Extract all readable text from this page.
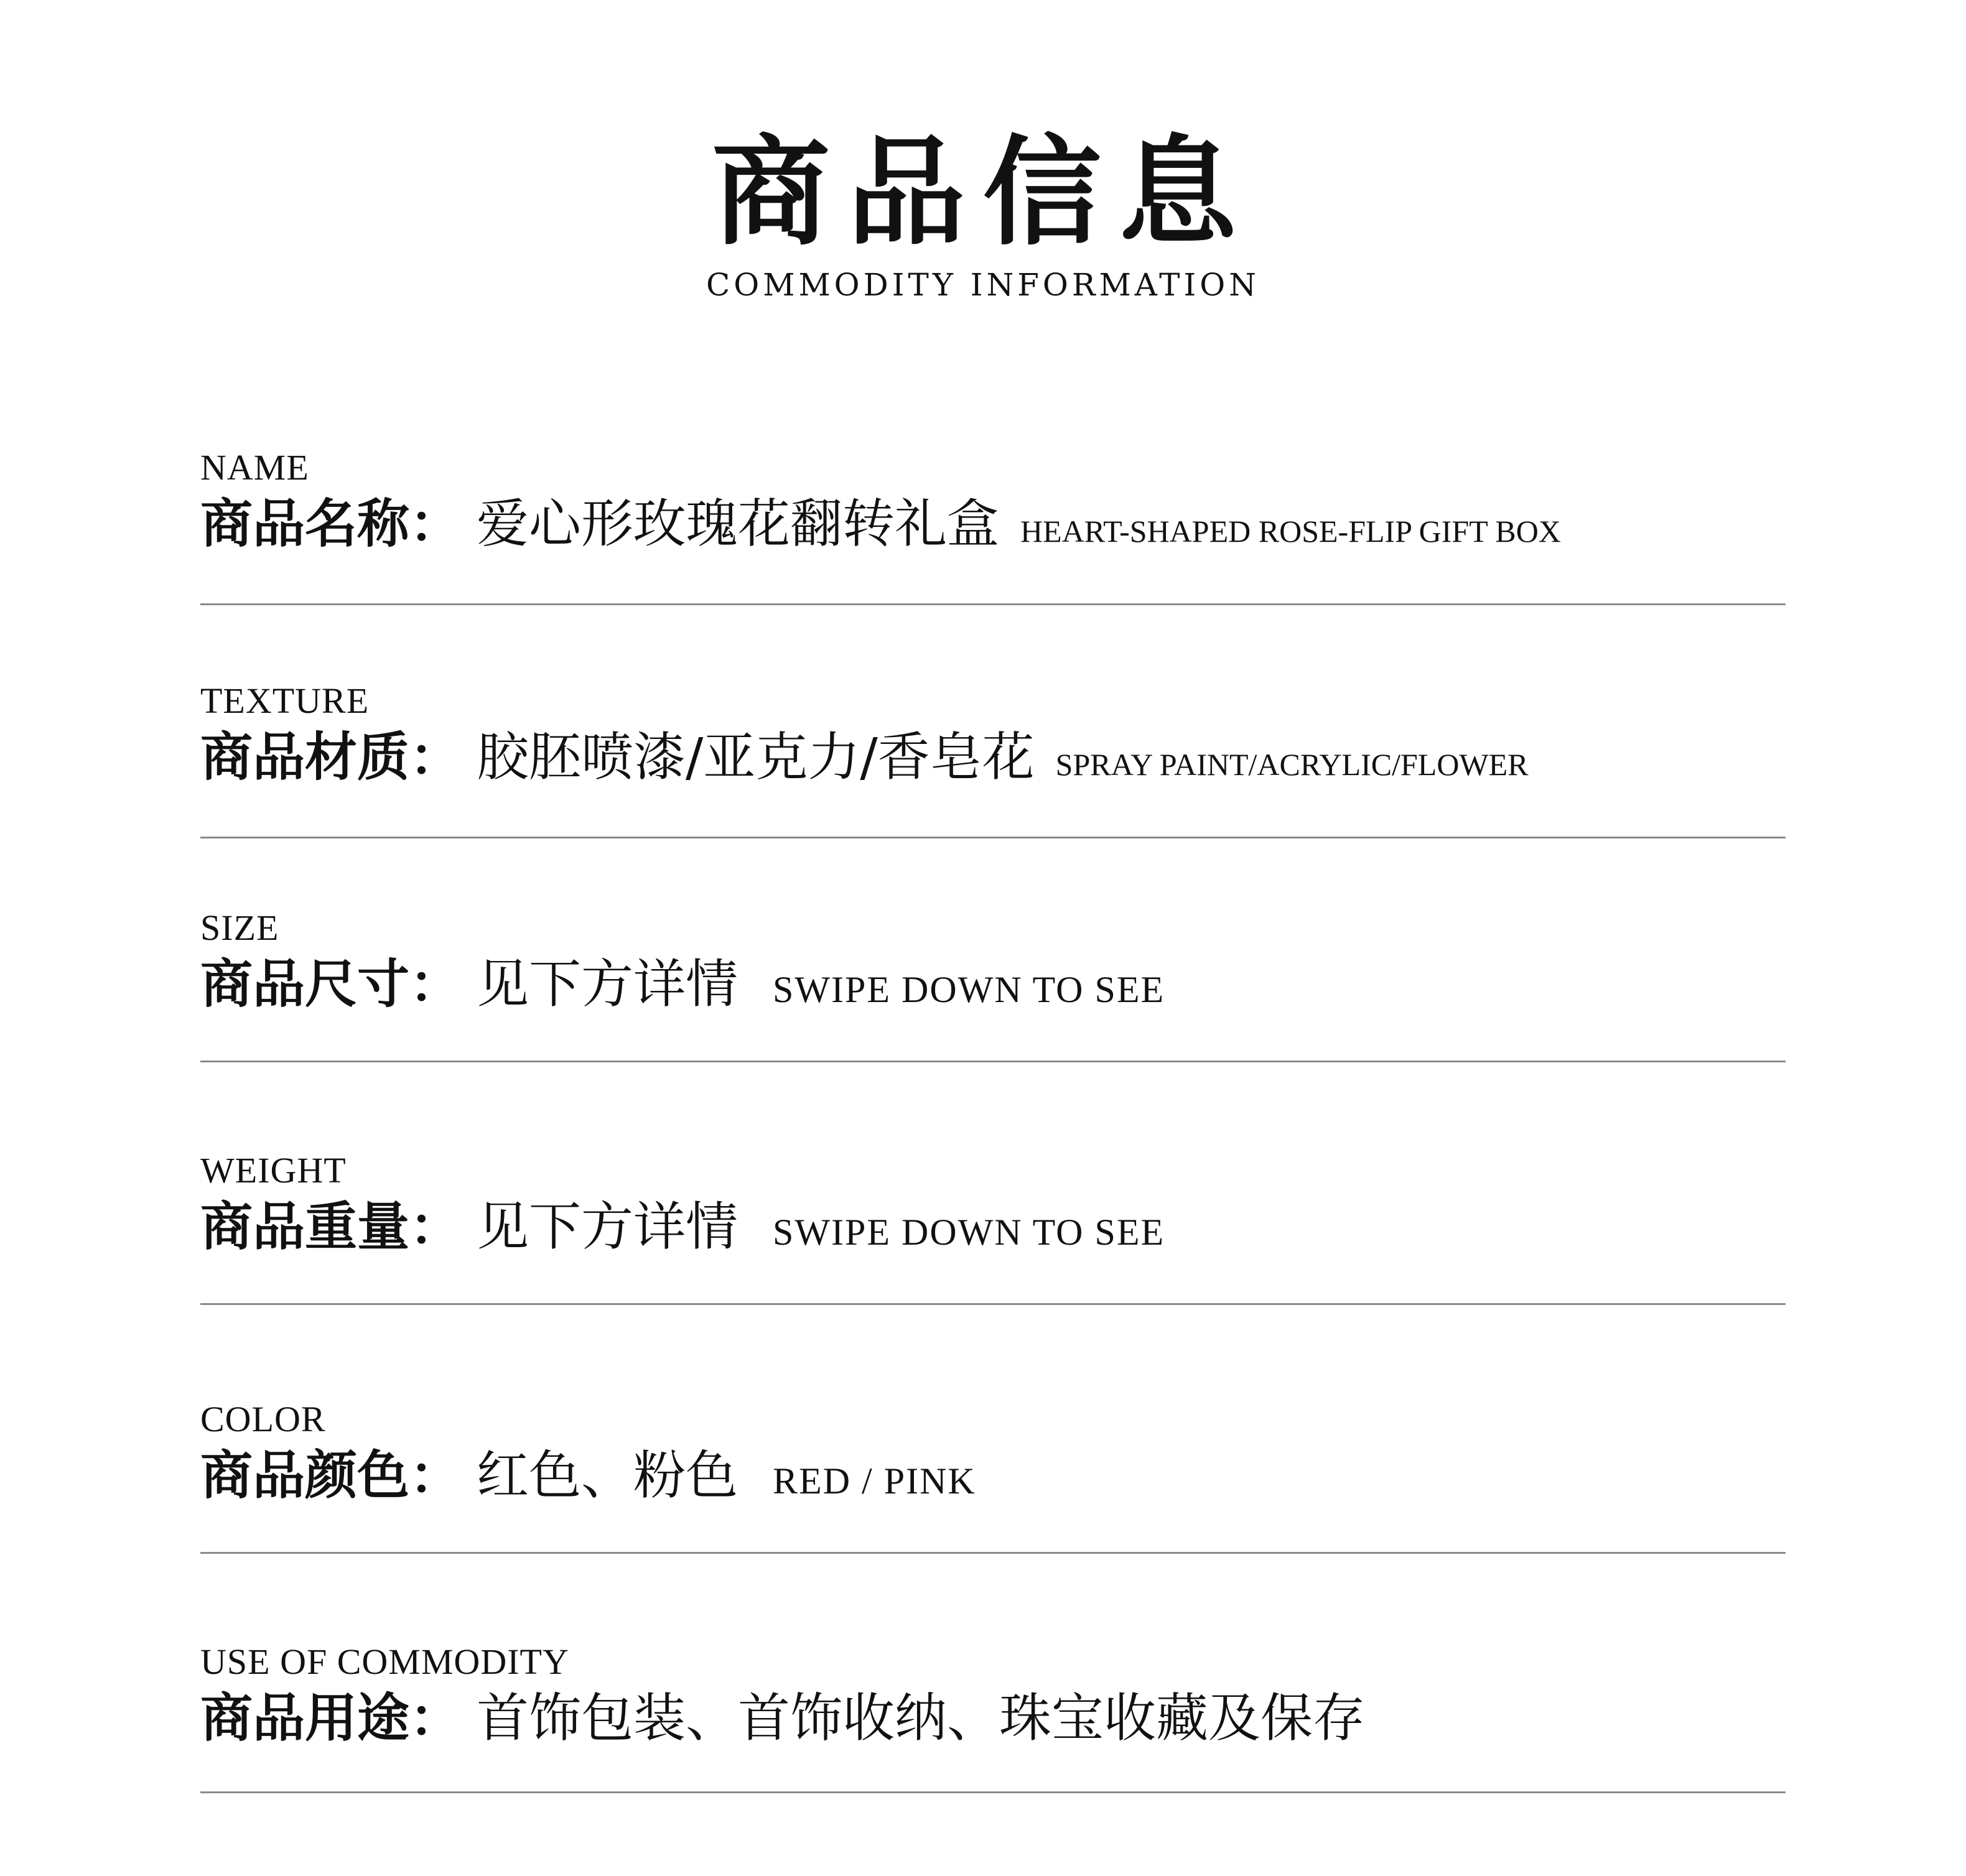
商品信息
COMMODITY INFORMATION
NAME
商品名称 ： 爱心形玫瑰花翻转礼盒 HEART-SHAPED ROSE-FLIP GIFT BOX
TEXTURE
商品材质 ： 胶胚喷漆/亚克力/香皂花 SPRAY PAINT/ACRYLIC/FLOWER
SIZE
商品尺寸 ： 见下方详情 SWIPE DOWN TO SEE
WEIGHT
商品重量 ： 见下方详情 SWIPE DOWN TO SEE
COLOR
商品颜色 ： 红色、粉色 RED / PINK
USE OF COMMODITY
商品用途 ： 首饰包装、首饰收纳、珠宝收藏及保存
